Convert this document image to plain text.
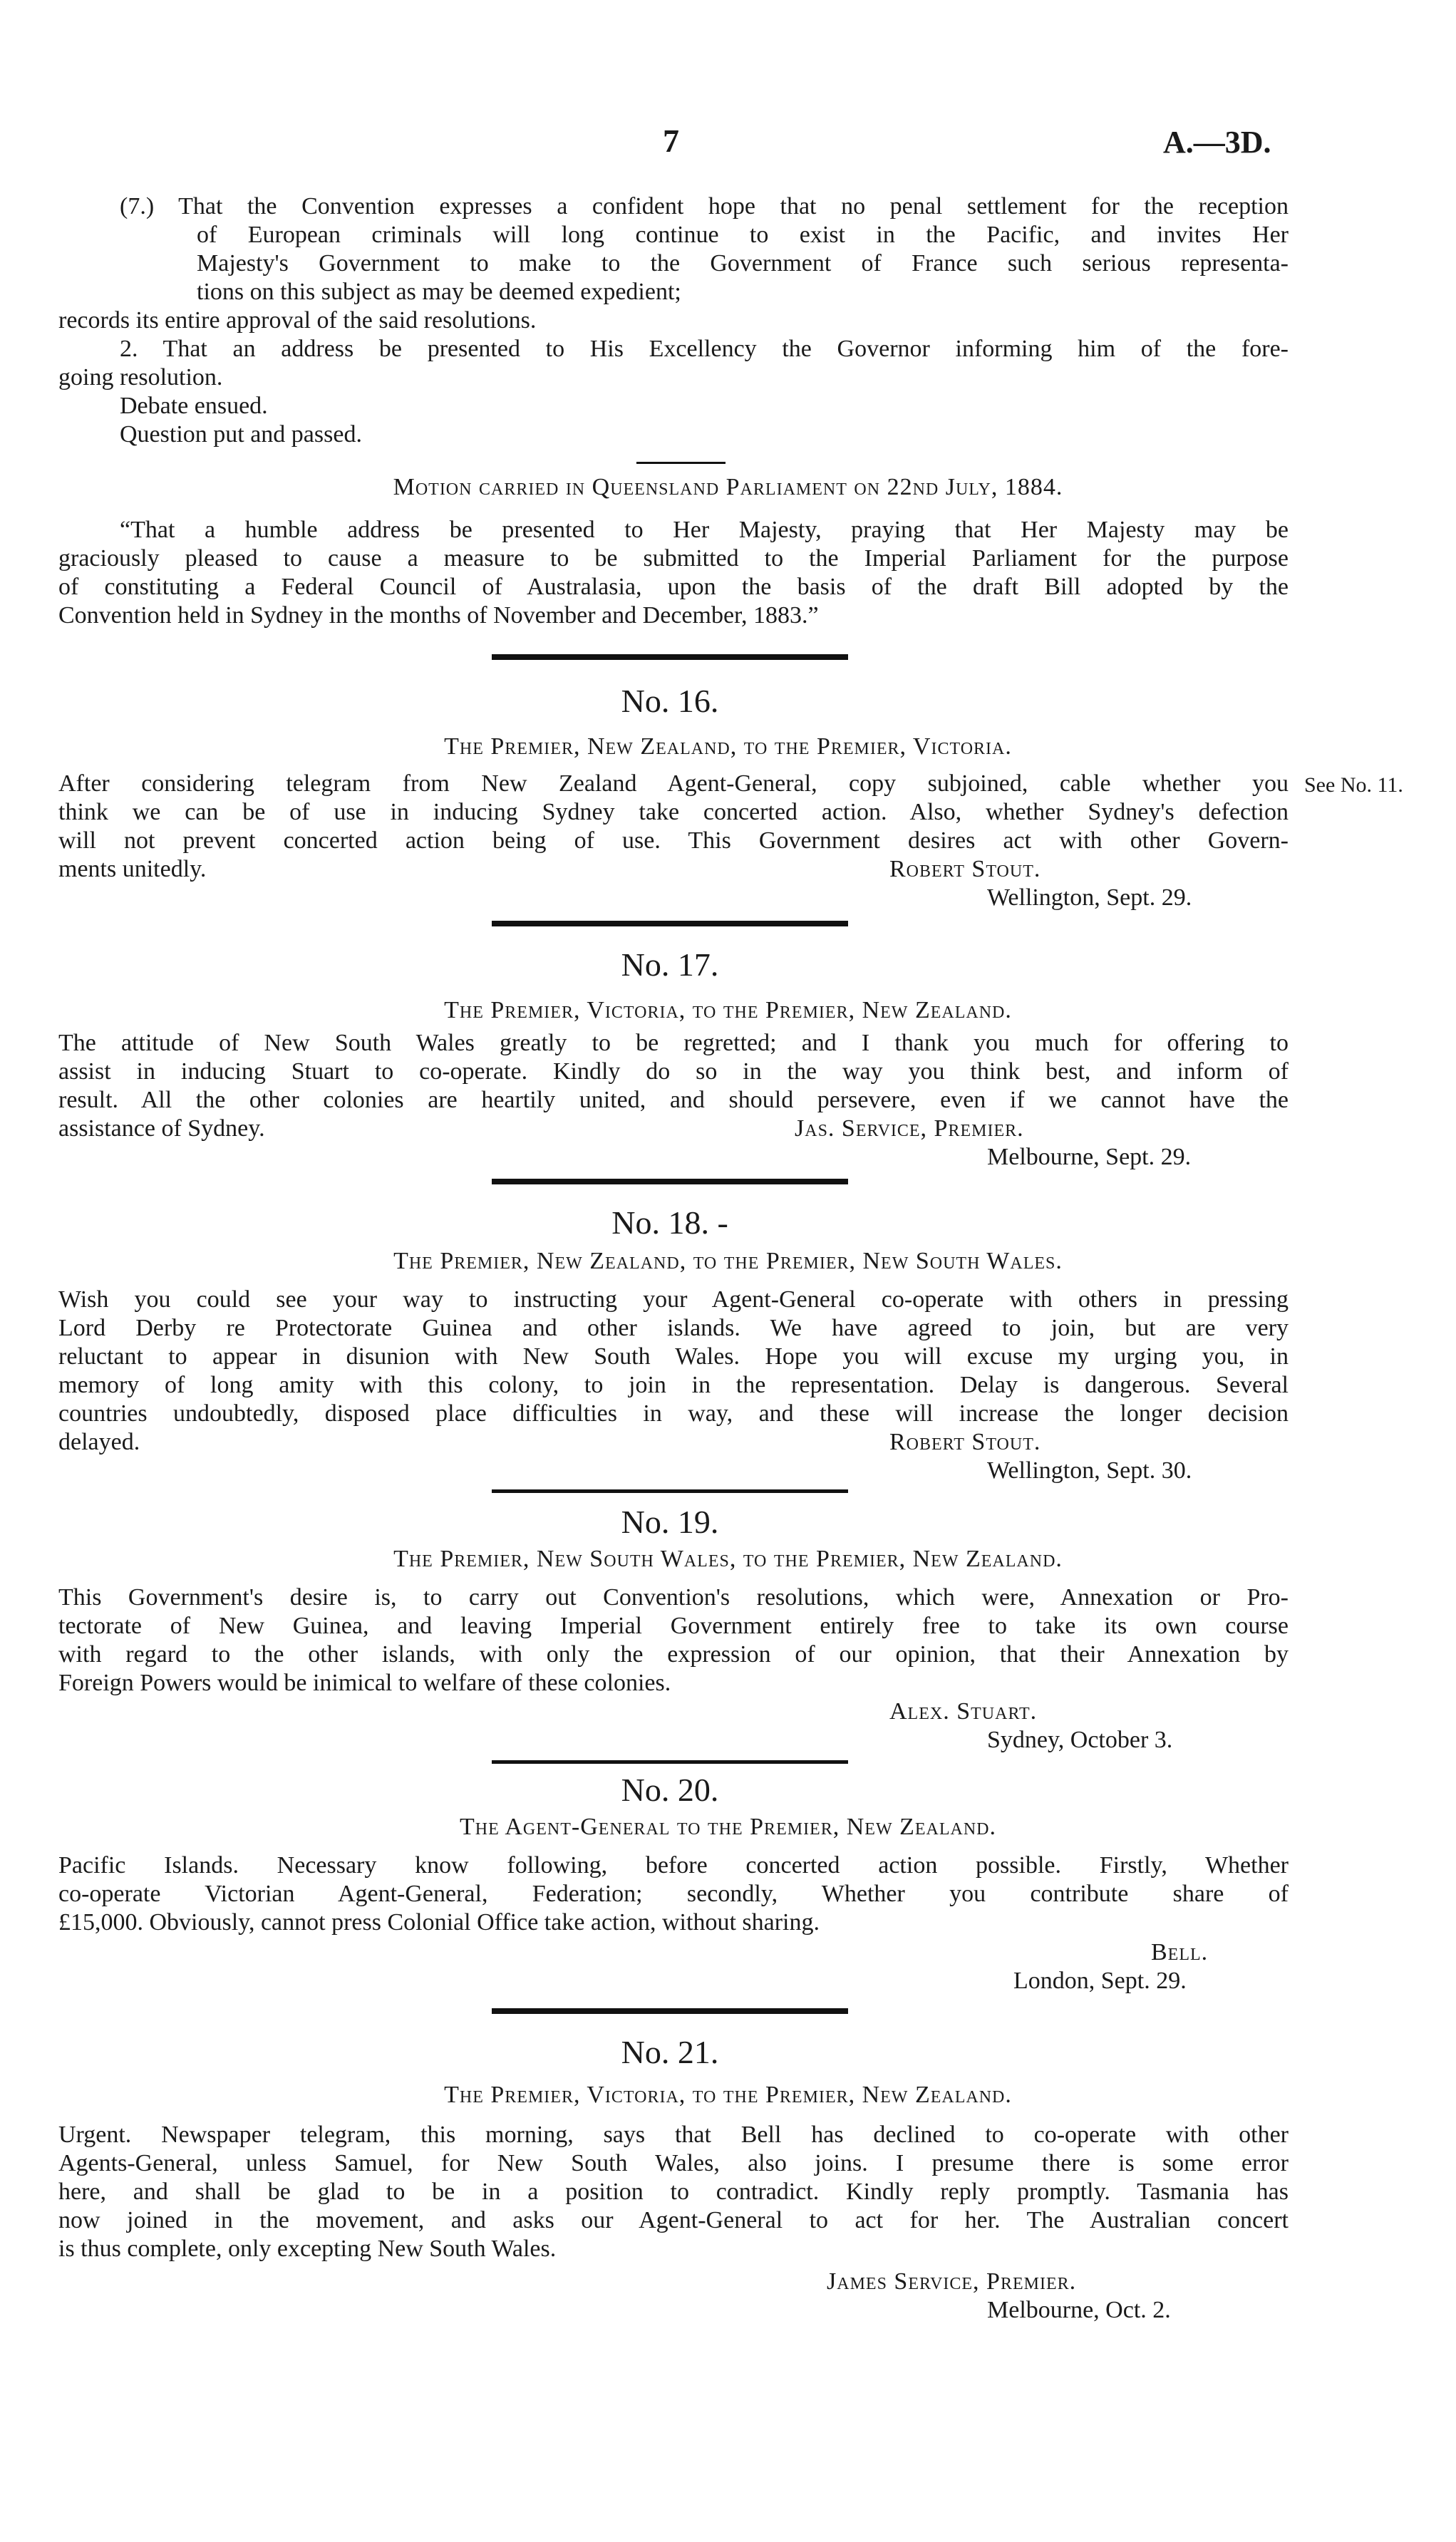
7	A.—3D.
(7.) That the Convention expresses a confident hope that no penal settlement for the reception
of European criminals will long continue to exist in the Pacific, and invites Her
Majesty's Government to make to the Government of France such serious representa-
tions on this subject as may be deemed expedient;
records its entire approval of the said resolutions.
2. That an address be presented to His Excellency the Governor informing him of the fore-
going resolution.
Debate ensued.
Question put and passed.
Motion carried in Queensland Parliament on 22nd July, 1884.
“That a humble address be presented to Her Majesty, praying that Her Majesty may be
graciously pleased to cause a measure to be submitted to the Imperial Parliament for the purpose
of constituting a Federal Council of Australasia, upon the basis of the draft Bill adopted by the
Convention held in Sydney in the months of November and December, 1883.”
No. 16.
The Premier, New Zealand, to the Premier, Victoria.
After considering telegram from New Zealand Agent-General, copy subjoined, cable whether you See No. 11.
think we can be of use in inducing Sydney take concerted action. Also, whether Sydney's defection
will not prevent concerted action being of use. This Government desires act with other Govern-
ments unitedly.	Robert Stout.
Wellington, Sept. 29.
No. 17.
The Premier, Victoria, to the Premier, New Zealand.
The attitude of New South Wales greatly to be regretted; and I thank you much for offering to
assist in inducing Stuart to co-operate. Kindly do so in the way you think best, and inform of
result. All the other colonies are heartily united, and should persevere, even if we cannot have the
assistance of Sydney.	Jas. Service, Premier.
Melbourne, Sept. 29.
No. 18. -
The Premier, New Zealand, to the Premier, New South Wales.
Wish you could see your way to instructing your Agent-General co-operate with others in pressing
Lord Derby re Protectorate Guinea and other islands. We have agreed to join, but are very
reluctant to appear in disunion with New South Wales. Hope you will excuse my urging you, in
memory of long amity with this colony, to join in the representation. Delay is dangerous. Several
countries undoubtedly, disposed place difficulties in way, and these will increase the longer decision
delayed.	Robert Stout.
Wellington, Sept. 30.
No. 19.
The Premier, New South Wales, to the Premier, New Zealand.
This Government's desire is, to carry out Convention's resolutions, which were, Annexation or Pro-
tectorate of New Guinea, and leaving Imperial Government entirely free to take its own course
with regard to the other islands, with only the expression of our opinion, that their Annexation by
Foreign Powers would be inimical to welfare of these colonies.
Alex. Stuart.
Sydney, October 3.
No. 20.
The Agent-General to the Premier, New Zealand.
Pacific Islands. Necessary know following, before concerted action possible. Firstly, Whether
co-operate Victorian Agent-General, Federation; secondly, Whether you contribute share of
£15,000. Obviously, cannot press Colonial Office take action, without sharing.
Bell.
London, Sept. 29.
No. 21.
The Premier, Victoria, to the Premier, New Zealand.
Urgent. Newspaper telegram, this morning, says that Bell has declined to co-operate with other
Agents-General, unless Samuel, for New South Wales, also joins. I presume there is some error
here, and shall be glad to be in a position to contradict. Kindly reply promptly. Tasmania has
now joined in the movement, and asks our Agent-General to act for her. The Australian concert
is thus complete, only excepting New South Wales.
James Service, Premier.
Melbourne, Oct. 2.
